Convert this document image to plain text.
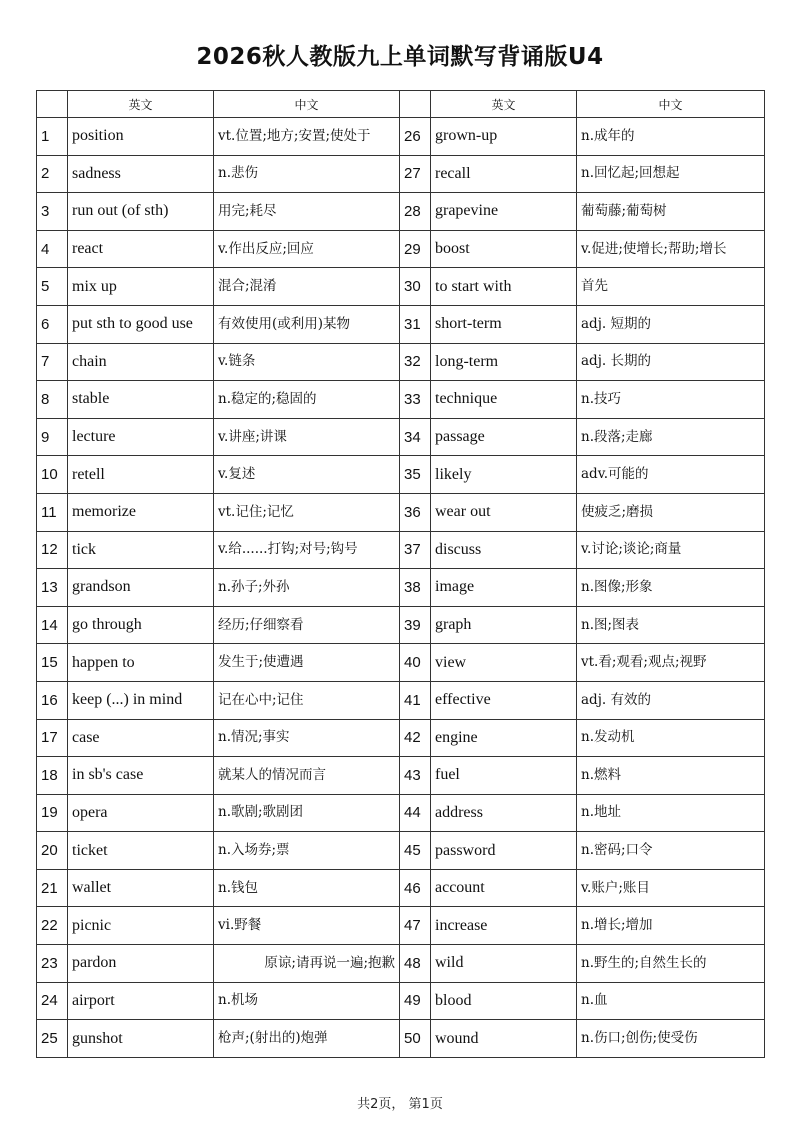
2026秋人教版九上单词默写背诵版U4
	英文	中文		英文	中文
1	position	vt.位置;地方;安置;使处于	26	grown-up	n.成年的
2	sadness	n.悲伤	27	recall	n.回忆起;回想起
3	run out (of sth)	用完;耗尽	28	grapevine	葡萄藤;葡萄树
4	react	v.作出反应;回应	29	boost	v.促进;使增长;帮助;增长
5	mix up	混合;混淆	30	to start with	首先
6	put sth to good use	有效使用(或利用)某物	31	short-term	adj. 短期的
7	chain	v.链条	32	long-term	adj. 长期的
8	stable	n.稳定的;稳固的	33	technique	n.技巧
9	lecture	v.讲座;讲课	34	passage	n.段落;走廊
10	retell	v.复述	35	likely	adv.可能的
11	memorize	vt.记住;记忆	36	wear out	使疲乏;磨损
12	tick	v.给......打钩;对号;钩号	37	discuss	v.讨论;谈论;商量
13	grandson	n.孙子;外孙	38	image	n.图像;形象
14	go through	经历;仔细察看	39	graph	n.图;图表
15	happen to	发生于;使遭遇	40	view	vt.看;观看;观点;视野
16	keep (...) in mind	记在心中;记住	41	effective	adj. 有效的
17	case	n.情况;事实	42	engine	n.发动机
18	in sb's case	就某人的情况而言	43	fuel	n.燃料
19	opera	n.歌剧;歌剧团	44	address	n.地址
20	ticket	n.入场券;票	45	password	n.密码;口令
21	wallet	n.钱包	46	account	v.账户;账目
22	picnic	vi.野餐	47	increase	n.增长;增加
23	pardon	原谅;请再说一遍;抱歉	48	wild	n.野生的;自然生长的
24	airport	n.机场	49	blood	n.血
25	gunshot	枪声;(射出的)炮弹	50	wound	n.伤口;创伤;使受伤
共2页， 第1页
